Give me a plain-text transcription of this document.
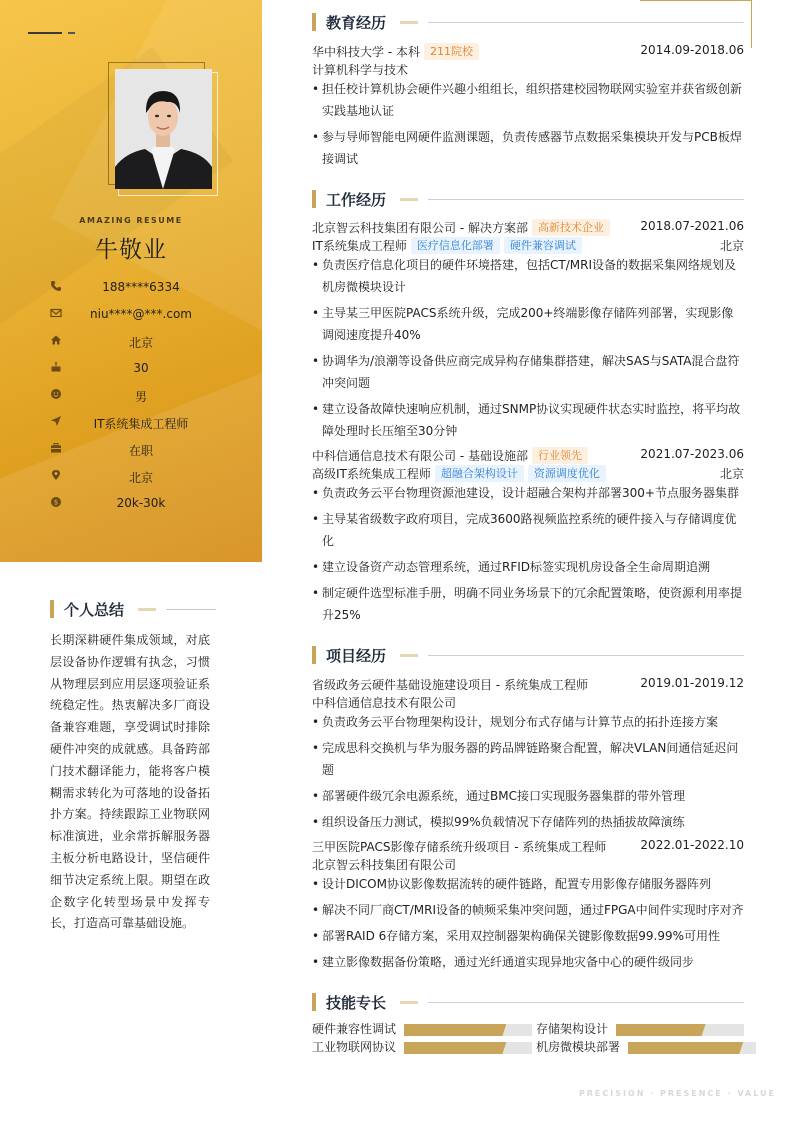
AMAZING RESUME
牛敬业
188****6334
niu****@***.com
北京
30
男
IT系统集成工程师
在职
北京
$	20k-30k
个人总结
长期深耕硬件集成领域，对底层设备协作逻辑有执念，习惯从物理层到应用层逐项验证系统稳定性。热衷解决多厂商设备兼容难题，享受调试时排除硬件冲突的成就感。具备跨部门技术翻译能力，能将客户模糊需求转化为可落地的设备拓扑方案。持续跟踪工业物联网标准演进，业余常拆解服务器主板分析电路设计，坚信硬件细节决定系统上限。期望在政企数字化转型场景中发挥专长，打造高可靠基础设施。
教育经历
华中科技大学 - 本科 211院校	2014.09-2018.06
计算机科学与技术
• 担任校计算机协会硬件兴趣小组组长，组织搭建校园物联网实验室并获省级创新实践基地认证
• 参与导师智能电网硬件监测课题，负责传感器节点数据采集模块开发与PCB板焊接调试
工作经历
北京智云科技集团有限公司 - 解决方案部 高新技术企业	2018.07-2021.06
IT系统集成工程师 医疗信息化部署 硬件兼容调试	北京
• 负责医疗信息化项目的硬件环境搭建，包括CT/MRI设备的数据采集网络规划及机房微模块设计
• 主导某三甲医院PACS系统升级，完成200+终端影像存储阵列部署，实现影像调阅速度提升40%
• 协调华为/浪潮等设备供应商完成异构存储集群搭建，解决SAS与SATA混合盘符冲突问题
• 建立设备故障快速响应机制，通过SNMP协议实现硬件状态实时监控，将平均故障处理时长压缩至30分钟
中科信通信息技术有限公司 - 基础设施部 行业领先	2021.07-2023.06
高级IT系统集成工程师 超融合架构设计 资源调度优化	北京
• 负责政务云平台物理资源池建设，设计超融合架构并部署300+节点服务器集群
• 主导某省级数字政府项目，完成3600路视频监控系统的硬件接入与存储调度优化
• 建立设备资产动态管理系统，通过RFID标签实现机房设备全生命周期追溯
• 制定硬件选型标准手册，明确不同业务场景下的冗余配置策略，使资源利用率提升25%
项目经历
省级政务云硬件基础设施建设项目 - 系统集成工程师	2019.01-2019.12
中科信通信息技术有限公司
• 负责政务云平台物理架构设计，规划分布式存储与计算节点的拓扑连接方案
• 完成思科交换机与华为服务器的跨品牌链路聚合配置，解决VLAN间通信延迟问题
• 部署硬件级冗余电源系统，通过BMC接口实现服务器集群的带外管理
• 组织设备压力测试，模拟99%负载情况下存储阵列的热插拔故障演练
三甲医院PACS影像存储系统升级项目 - 系统集成工程师	2022.01-2022.10
北京智云科技集团有限公司
• 设计DICOM协议影像数据流转的硬件链路，配置专用影像存储服务器阵列
• 解决不同厂商CT/MRI设备的帧频采集冲突问题，通过FPGA中间件实现时序对齐
• 部署RAID 6存储方案，采用双控制器架构确保关键影像数据99.99%可用性
• 建立影像数据备份策略，通过光纤通道实现异地灾备中心的硬件级同步
技能专长
硬件兼容性调试	存储架构设计
工业物联网协议	机房微模块部署
PRECISION · PRESENCE · VALUE
